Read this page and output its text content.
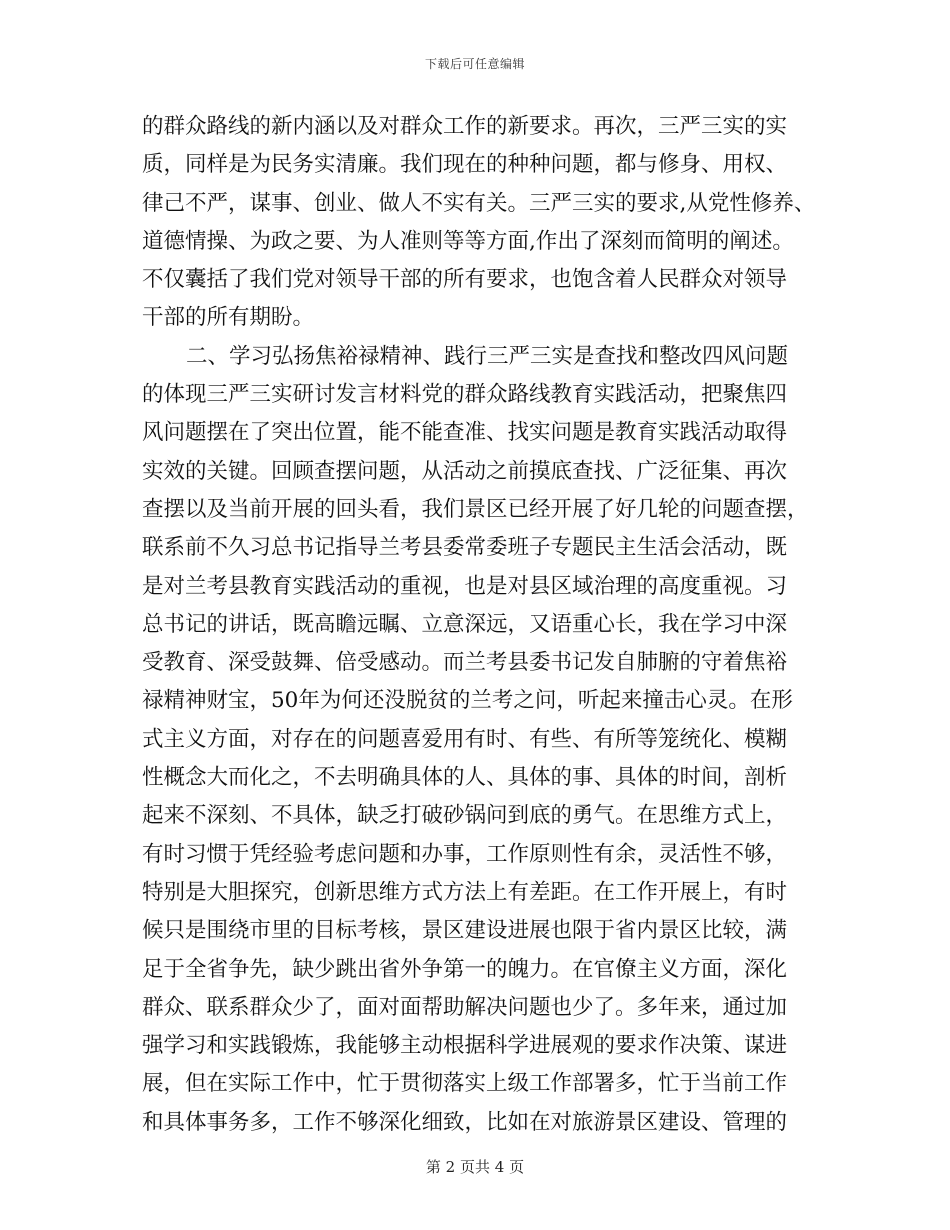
下载后可任意编辑
的群众路线的新内涵以及对群众工作的新要求。再次，三严三实的实
质，同样是为民务实清廉。我们现在的种种问题，都与修身、用权、
律己不严，谋事、创业、做人不实有关。三严三实的要求,从党性修养、
道德情操、为政之要、为人准则等等方面,作出了深刻而简明的阐述。
不仅囊括了我们党对领导干部的所有要求，也饱含着人民群众对领导
干部的所有期盼。
二、学习弘扬焦裕禄精神、践行三严三实是查找和整改四风问题
的体现三严三实研讨发言材料党的群众路线教育实践活动，把聚焦四
风问题摆在了突出位置，能不能查准、找实问题是教育实践活动取得
实效的关键。回顾查摆问题，从活动之前摸底查找、广泛征集、再次
查摆以及当前开展的回头看，我们景区已经开展了好几轮的问题查摆，
联系前不久习总书记指导兰考县委常委班子专题民主生活会活动，既
是对兰考县教育实践活动的重视，也是对县区域治理的高度重视。习
总书记的讲话，既高瞻远瞩、立意深远，又语重心长，我在学习中深
受教育、深受鼓舞、倍受感动。而兰考县委书记发自肺腑的守着焦裕
禄精神财宝，50年为何还没脱贫的兰考之问，听起来撞击心灵。在形
式主义方面，对存在的问题喜爱用有时、有些、有所等笼统化、模糊
性概念大而化之，不去明确具体的人、具体的事、具体的时间，剖析
起来不深刻、不具体，缺乏打破砂锅问到底的勇气。在思维方式上，
有时习惯于凭经验考虑问题和办事，工作原则性有余，灵活性不够，
特别是大胆探究，创新思维方式方法上有差距。在工作开展上，有时
候只是围绕市里的目标考核，景区建设进展也限于省内景区比较，满
足于全省争先，缺少跳出省外争第一的魄力。在官僚主义方面，深化
群众、联系群众少了，面对面帮助解决问题也少了。多年来，通过加
强学习和实践锻炼，我能够主动根据科学进展观的要求作决策、谋进
展，但在实际工作中，忙于贯彻落实上级工作部署多，忙于当前工作
和具体事务多，工作不够深化细致，比如在对旅游景区建设、管理的
第 2 页共 4 页
